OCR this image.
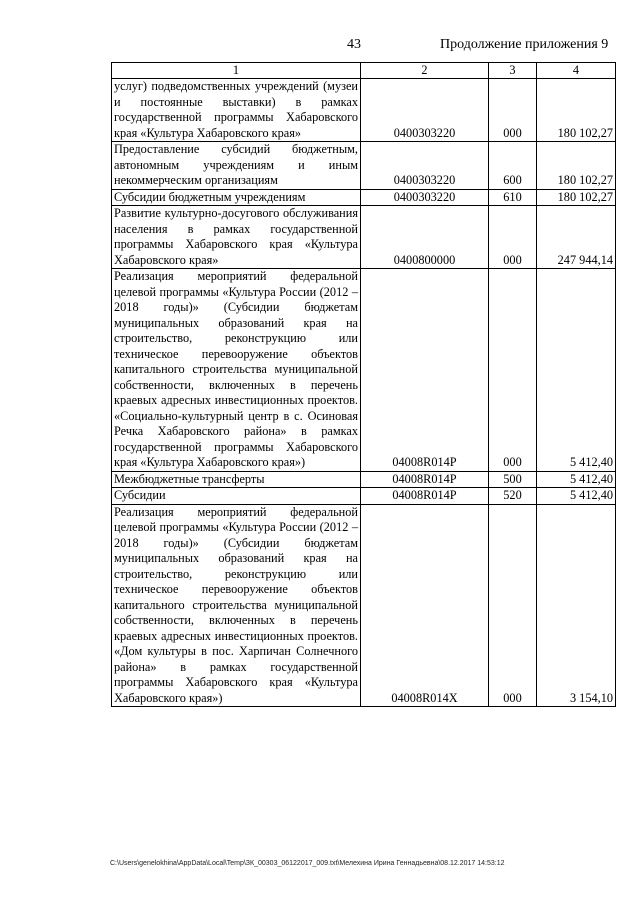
43	Продолжение приложения 9
1	2	3	4
услуг) подведомственных учреждений (музеи и постоянные выставки) в рамках государственной программы Хабаровского края «Культура Хабаровского края»	0400303220	000	180 102,27
Предоставление субсидий бюджетным, автономным учреждениям и иным некоммерческим организациям	0400303220	600	180 102,27
Субсидии бюджетным учреждениям	0400303220	610	180 102,27
Развитие культурно-досугового обслуживания населения в рамках государственной программы Хабаровского края «Культура Хабаровского края»	0400800000	000	247 944,14
Реализация мероприятий федеральной целевой программы «Культура России (2012 – 2018 годы)» (Субсидии бюджетам муниципальных образований края на строительство, реконструкцию или техническое перевооружение объектов капитального строительства муниципальной собственности, включенных в перечень краевых адресных инвестиционных проектов. «Социально-культурный центр в с. Осиновая Речка Хабаровского района» в рамках государственной программы Хабаровского края «Культура Хабаровского края»)	04008R014P	000	5 412,40
Межбюджетные трансферты	04008R014P	500	5 412,40
Субсидии	04008R014P	520	5 412,40
Реализация мероприятий федеральной целевой программы «Культура России (2012 – 2018 годы)» (Субсидии бюджетам муниципальных образований края на строительство, реконструкцию или техническое перевооружение объектов капитального строительства муниципальной собственности, включенных в перечень краевых адресных инвестиционных проектов. «Дом культуры в пос. Харпичан Солнечного района» в рамках государственной программы Хабаровского края «Культура Хабаровского края»)	04008R014X	000	3 154,10
C:\Users\genelokhina\AppData\Local\Temp\ЗК_00303_06122017_009.txt\Мелехина Ирина Геннадьевна\08.12.2017 14:53:12
